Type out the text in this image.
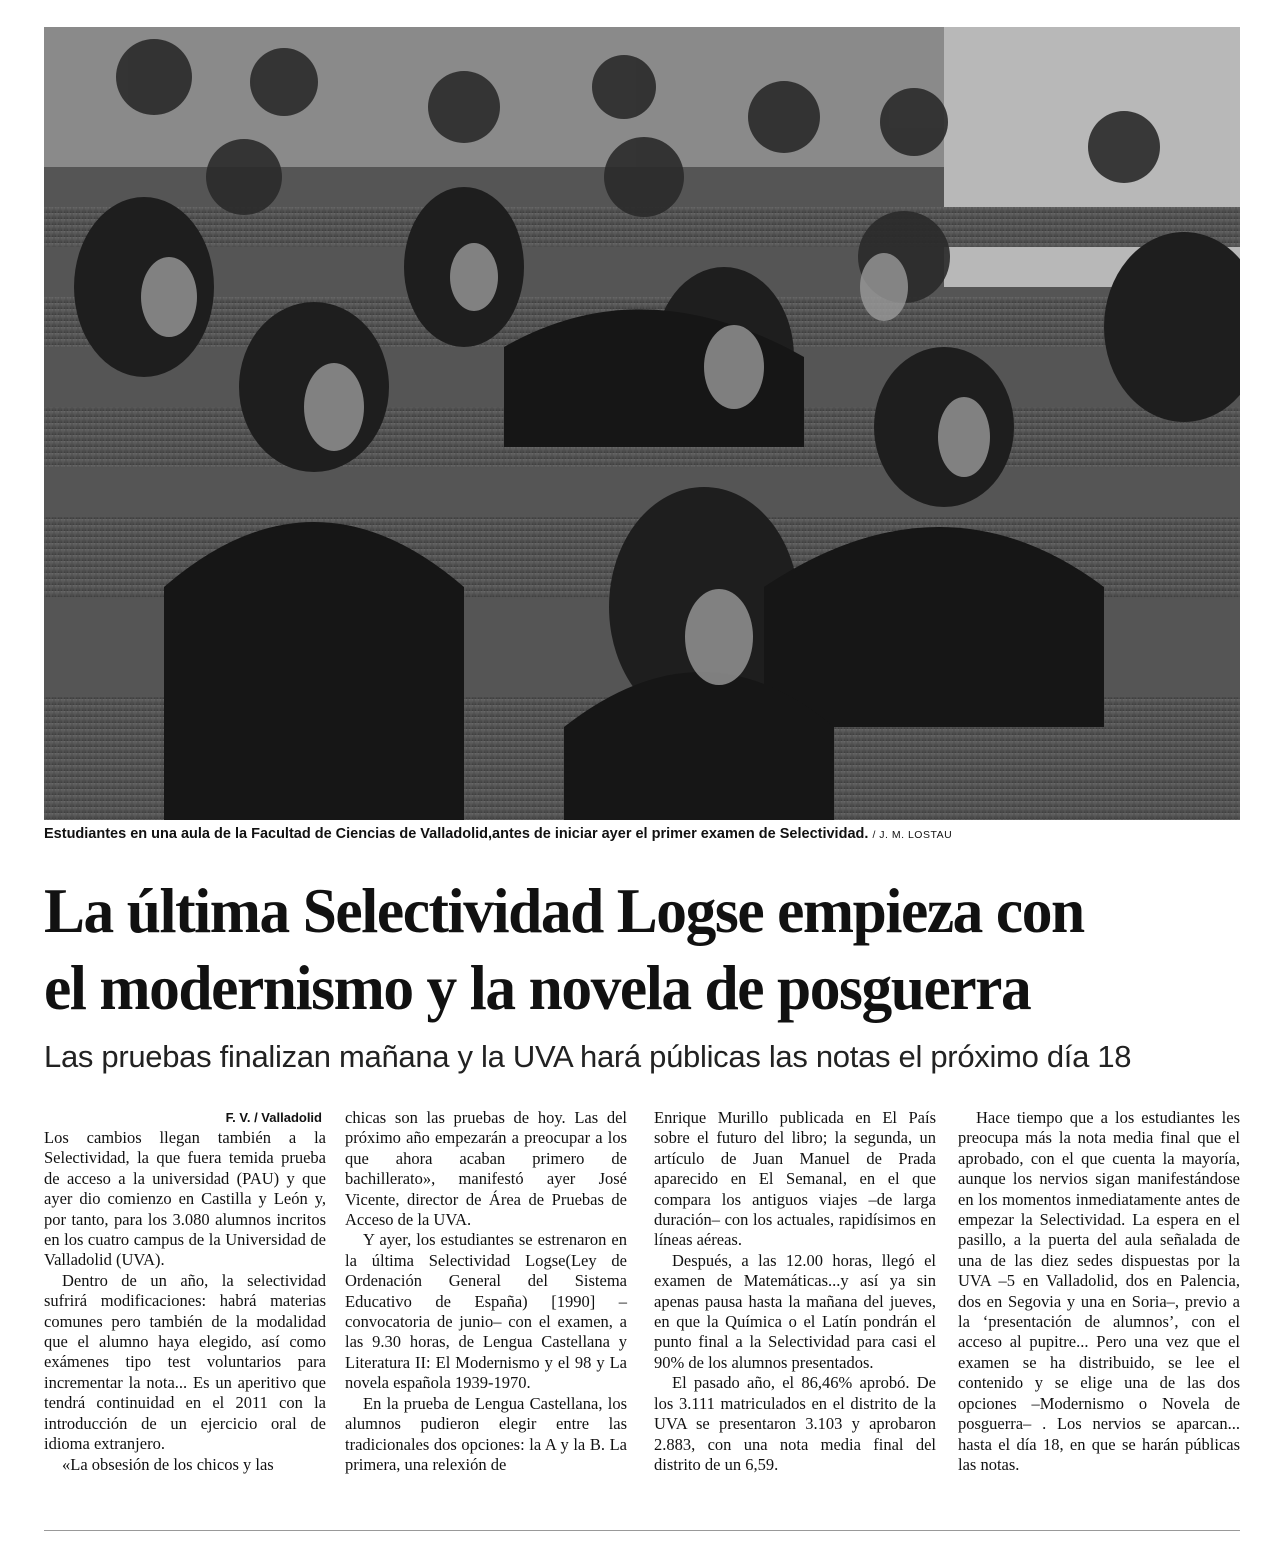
Estudiantes en una aula de la Facultad de Ciencias de Valladolid,antes de iniciar ayer el primer examen de Selectividad. / J. M. LOSTAU
La última Selectividad Logse empieza con
el modernismo y la novela de posguerra

Las pruebas finalizan mañana y la UVA hará públicas las notas el próximo día 18

F. V. / Valladolid

Los cambios llegan también a la Selectividad, la que fuera temida prueba de acceso a la universidad (PAU) y que ayer dio comienzo en Castilla y León y, por tanto, para los 3.080 alumnos incritos en los cuatro campus de la Universidad de Valladolid (UVA).

Dentro de un año, la selectividad sufrirá modificaciones: habrá materias comunes pero también de la modalidad que el alumno haya elegido, así como exámenes tipo test voluntarios para incrementar la nota... Es un aperitivo que tendrá continuidad en el 2011 con la introducción de un ejercicio oral de idioma extranjero.

«La obsesión de los chicos y las

chicas son las pruebas de hoy. Las del próximo año empezarán a preocupar a los que ahora acaban primero de bachillerato», manifestó ayer José Vicente, director de Área de Pruebas de Acceso de la UVA.

Y ayer, los estudiantes se estrenaron en la última Selectividad Logse(Ley de Ordenación General del Sistema Educativo de España) [1990] –convocatoria de junio– con el examen, a las 9.30 horas, de Lengua Castellana y Literatura II: El Modernismo y el 98 y La novela española 1939-1970.

En la prueba de Lengua Castellana, los alumnos pudieron elegir entre las tradicionales dos opciones: la A y la B. La primera, una relexión de

Enrique Murillo publicada en El País sobre el futuro del libro; la segunda, un artículo de Juan Manuel de Prada aparecido en El Semanal, en el que compara los antiguos viajes –de larga duración– con los actuales, rapidísimos en líneas aéreas.

Después, a las 12.00 horas, llegó el examen de Matemáticas...y así ya sin apenas pausa hasta la mañana del jueves, en que la Química o el Latín pondrán el punto final a la Selectividad para casi el 90% de los alumnos presentados.

El pasado año, el 86,46% aprobó. De los 3.111 matriculados en el distrito de la UVA se presentaron 3.103 y aprobaron 2.883, con una nota media final del distrito de un 6,59.

Hace tiempo que a los estudiantes les preocupa más la nota media final que el aprobado, con el que cuenta la mayoría, aunque los nervios sigan manifestándose en los momentos inmediatamente antes de empezar la Selectividad. La espera en el pasillo, a la puerta del aula señalada de una de las diez sedes dispuestas por la UVA –5 en Valladolid, dos en Palencia, dos en Segovia y una en Soria–, previo a la ‘presentación de alumnos’, con el acceso al pupitre... Pero una vez que el examen se ha distribuido, se lee el contenido y se elige una de las dos opciones –Modernismo o Novela de posguerra– . Los nervios se aparcan... hasta el día 18, en que se harán públicas las notas.
